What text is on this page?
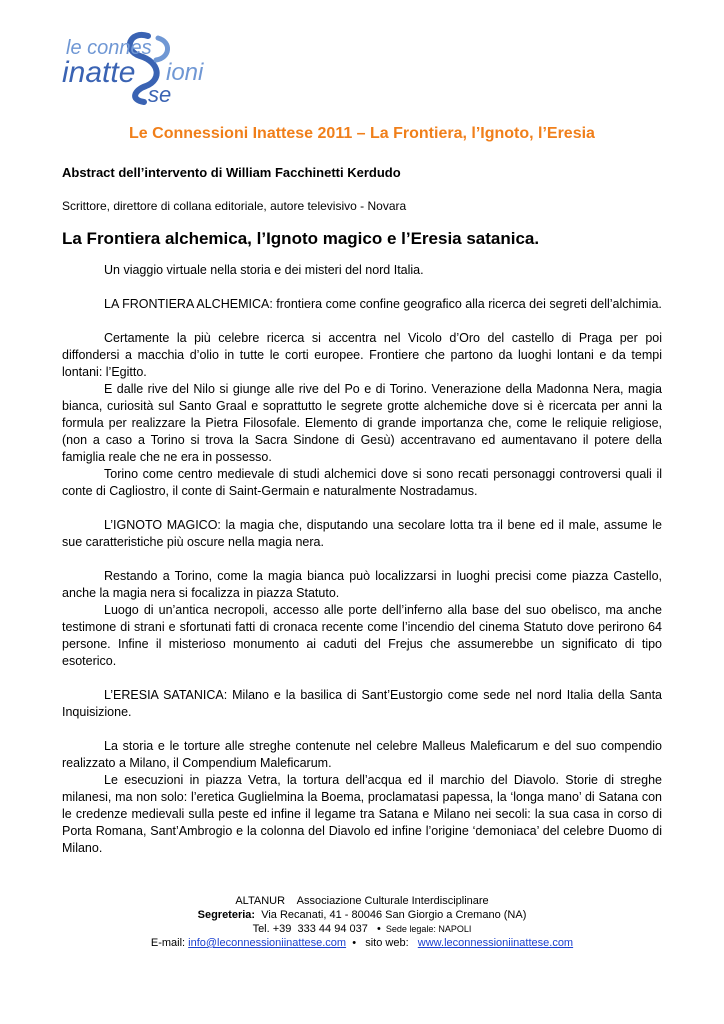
le connes
inatte ioni
se
Le Connessioni Inattese 2011 – La Frontiera, l’Ignoto, l’Eresia
Abstract dell’intervento di William Facchinetti Kerdudo
Scrittore, direttore di collana editoriale, autore televisivo - Novara
La Frontiera alchemica, l’Ignoto magico e l’Eresia satanica.

Un viaggio virtuale nella storia e dei misteri del nord Italia.

LA FRONTIERA ALCHEMICA: frontiera come confine geografico alla ricerca dei segreti dell’alchimia.

Certamente la più celebre ricerca si accentra nel Vicolo d’Oro del castello di Praga per poi diffondersi a macchia d’olio in tutte le corti europee. Frontiere che partono da luoghi lontani e da tempi lontani: l’Egitto.

E dalle rive del Nilo si giunge alle rive del Po e di Torino. Venerazione della Madonna Nera, magia bianca, curiosità sul Santo Graal e soprattutto le segrete grotte alchemiche dove si è ricercata per anni la formula per realizzare la Pietra Filosofale. Elemento di grande importanza che, come le reliquie religiose, (non a caso a Torino si trova la Sacra Sindone di Gesù) accentravano ed aumentavano il potere della famiglia reale che ne era in possesso.

Torino come centro medievale di studi alchemici dove si sono recati personaggi controversi quali il conte di Cagliostro, il conte di Saint-Germain e naturalmente Nostradamus.

L’IGNOTO MAGICO: la magia che, disputando una secolare lotta tra il bene ed il male, assume le sue caratteristiche più oscure nella magia nera.

Restando a Torino, come la magia bianca può localizzarsi in luoghi precisi come piazza Castello, anche la magia nera si focalizza in piazza Statuto.

Luogo di un’antica necropoli, accesso alle porte dell’inferno alla base del suo obelisco, ma anche testimone di strani e sfortunati fatti di cronaca recente come l’incendio del cinema Statuto dove perirono 64 persone. Infine il misterioso monumento ai caduti del Frejus che assumerebbe un significato di tipo esoterico.

L’ERESIA SATANICA: Milano e la basilica di Sant’Eustorgio come sede nel nord Italia della Santa Inquisizione.

La storia e le torture alle streghe contenute nel celebre Malleus Maleficarum e del suo compendio realizzato a Milano, il Compendium Maleficarum.

Le esecuzioni in piazza Vetra, la tortura dell’acqua ed il marchio del Diavolo. Storie di streghe milanesi, ma non solo: l’eretica Guglielmina la Boema, proclamatasi papessa, la ‘longa mano’ di Satana con le credenze medievali sulla peste ed infine il legame tra Satana e Milano nei secoli: la sua casa in corso di Porta Romana, Sant’Ambrogio e la colonna del Diavolo ed infine l’origine ‘demoniaca’ del celebre Duomo di Milano.

ALTANUR    Associazione Culturale Interdisciplinare
Segreteria:  Via Recanati, 41 - 80046 San Giorgio a Cremano (NA)
Tel. +39  333 44 94 037   •  Sede legale: NAPOLI
E-mail: info@leconnessioniinattese.com  •   sito web:   www.leconnessioniinattese.com
